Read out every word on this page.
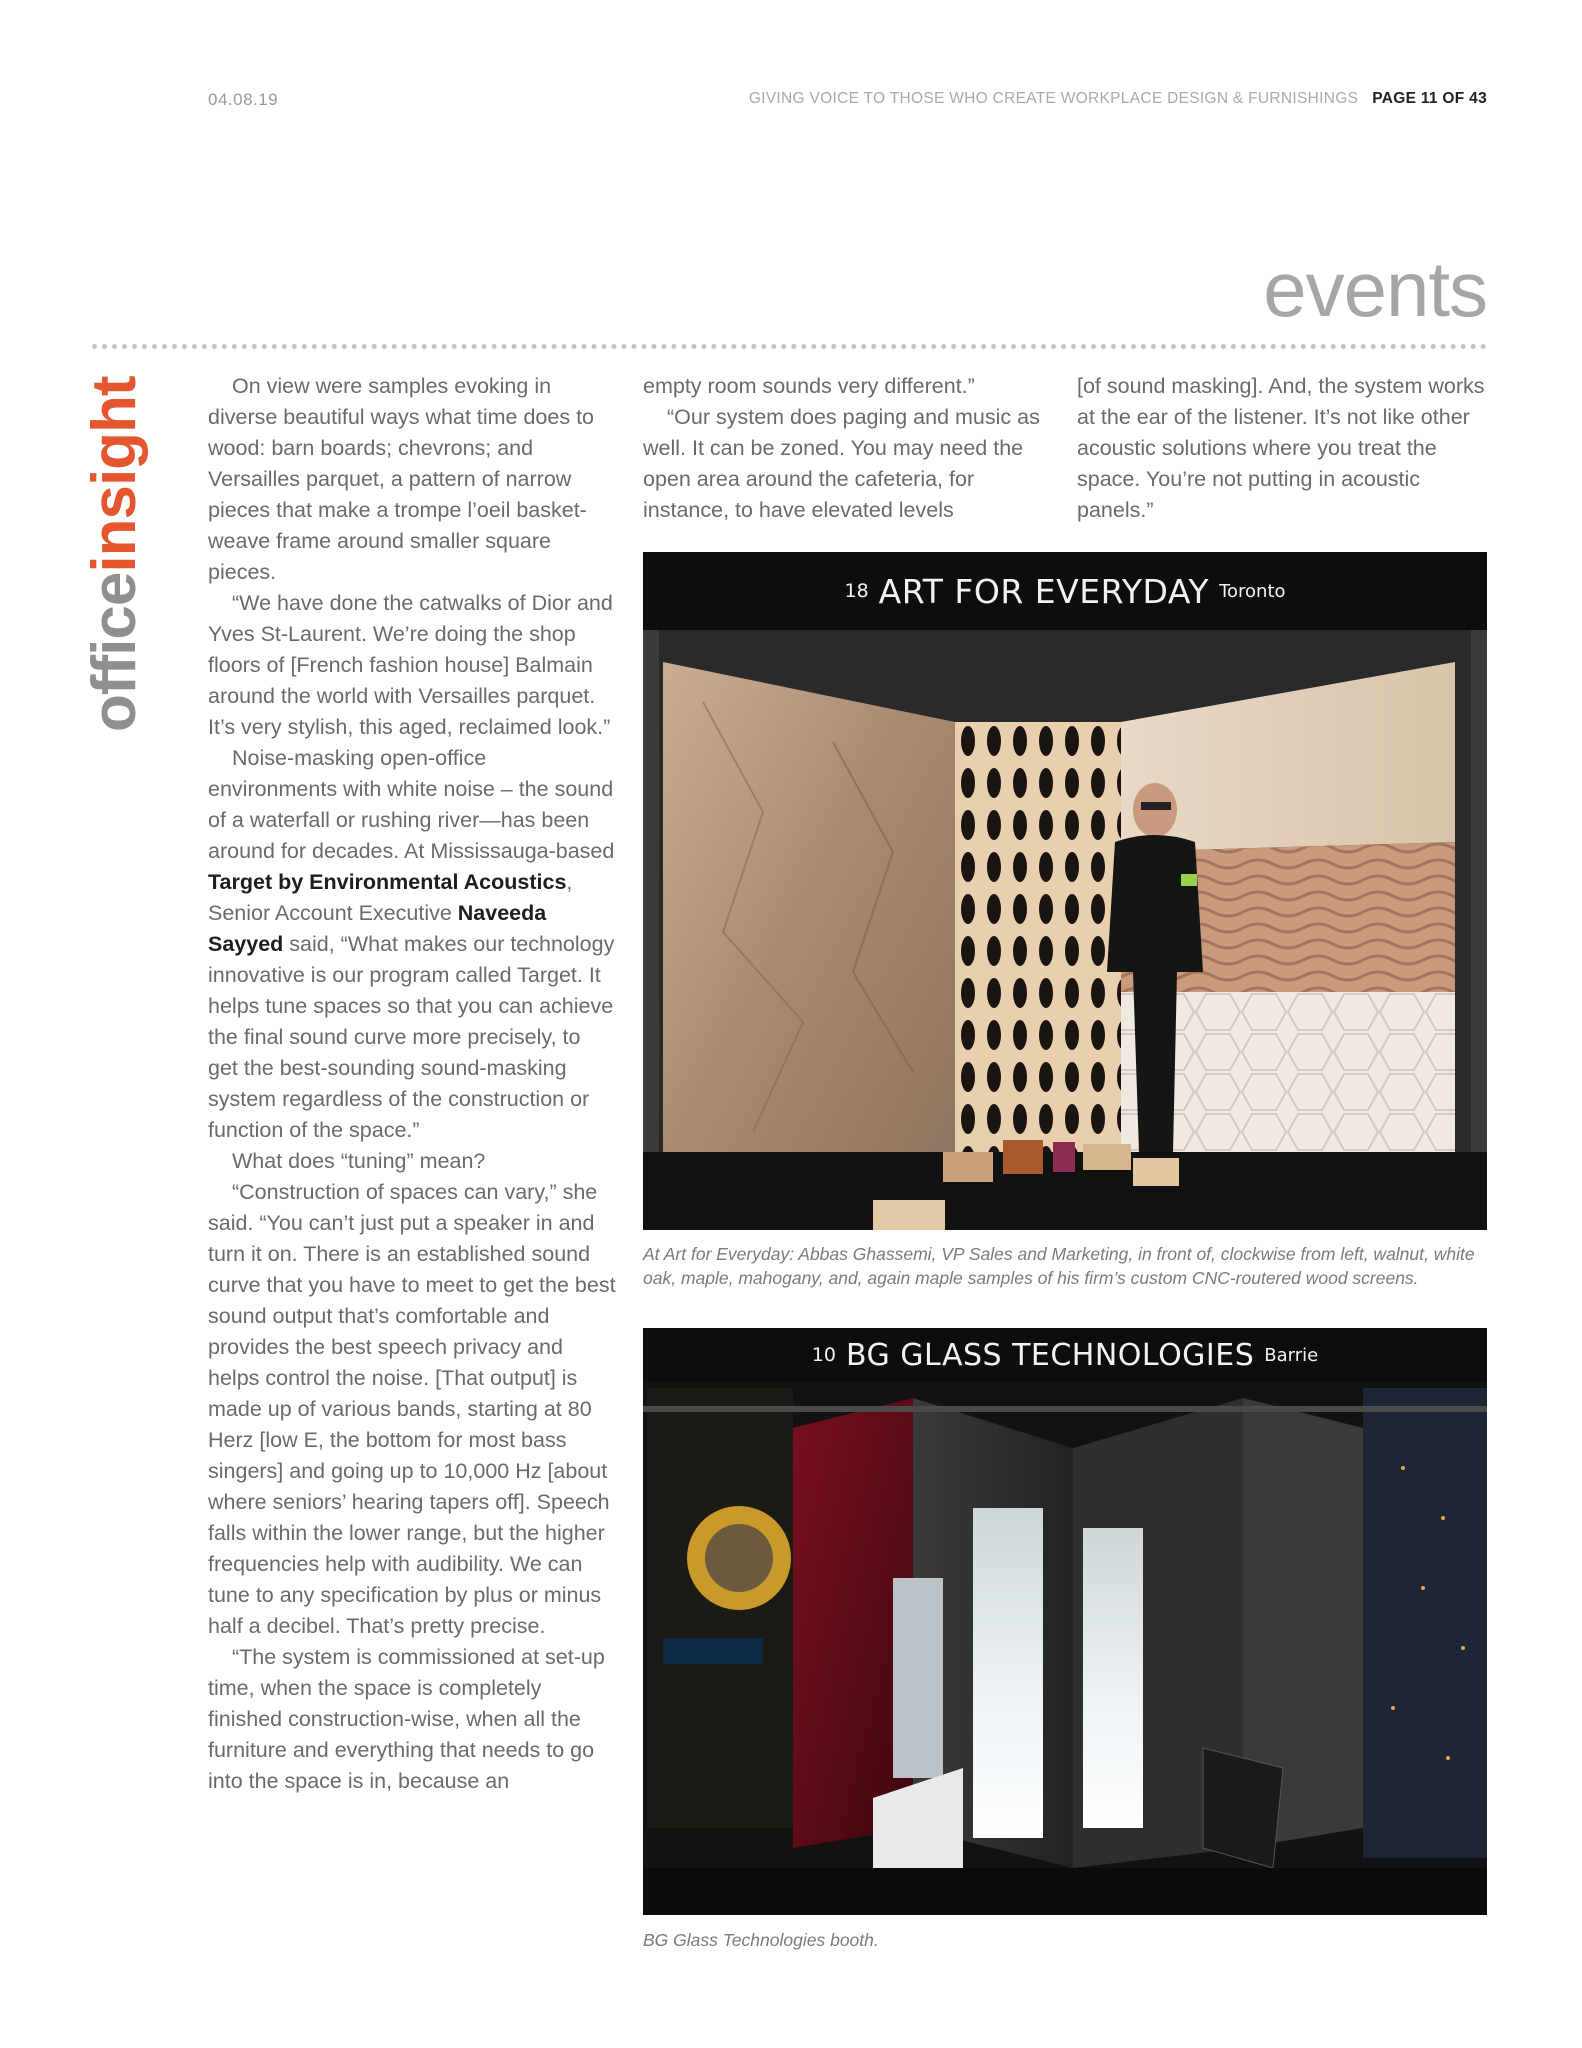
04.08.19	GIVING VOICE TO THOSE WHO CREATE WORKPLACE DESIGN & FURNISHINGS PAGE 11 OF 43
events
officeinsight	On view were samples evoking in diverse beautiful ways what time does to wood: barn boards; chevrons; and Versailles parquet, a pattern of narrow pieces that make a trompe l’oeil basket-weave frame around smaller square pieces.

“We have done the catwalks of Dior and Yves St-Laurent. We’re doing the shop floors of [French fashion house] Balmain around the world with Versailles parquet. It’s very stylish, this aged, reclaimed look.”

Noise-masking open-office environments with white noise – the sound of a waterfall or rushing river—has been around for decades. At Mississauga-based Target by Environmental Acoustics, Senior Account Executive Naveeda Sayyed said, “What makes our technology innovative is our program called Target. It helps tune spaces so that you can achieve the final sound curve more precisely, to get the best-sounding sound-masking system regardless of the construction or function of the space.”

What does “tuning” mean?

“Construction of spaces can vary,” she said. “You can’t just put a speaker in and turn it on. There is an established sound curve that you have to meet to get the best sound output that’s comfortable and provides the best speech privacy and helps control the noise. [That output] is made up of various bands, starting at 80 Herz [low E, the bottom for most bass singers] and going up to 10,000 Hz [about where seniors’ hearing tapers off]. Speech falls within the lower range, but the higher frequencies help with audibility. We can tune to any specification by plus or minus half a decibel. That’s pretty precise.

“The system is commissioned at set-up time, when the space is completely finished construction-wise, when all the furniture and everything that needs to go into the space is in, because an

empty room sounds very different.”

“Our system does paging and music as well. It can be zoned. You may need the open area around the cafeteria, for instance, to have elevated levels

[of sound masking]. And, the system works at the ear of the listener. It’s not like other acoustic solutions where you treat the space. You’re not putting in acoustic panels.”

18 ART FOR EVERYDAY Toronto
At Art for Everyday: Abbas Ghassemi, VP Sales and Marketing, in front of, clockwise from left, walnut, white oak, maple, mahogany, and, again maple samples of his firm’s custom CNC-routered wood screens.
10 BG GLASS TECHNOLOGIES Barrie
BG Glass Technologies booth.
